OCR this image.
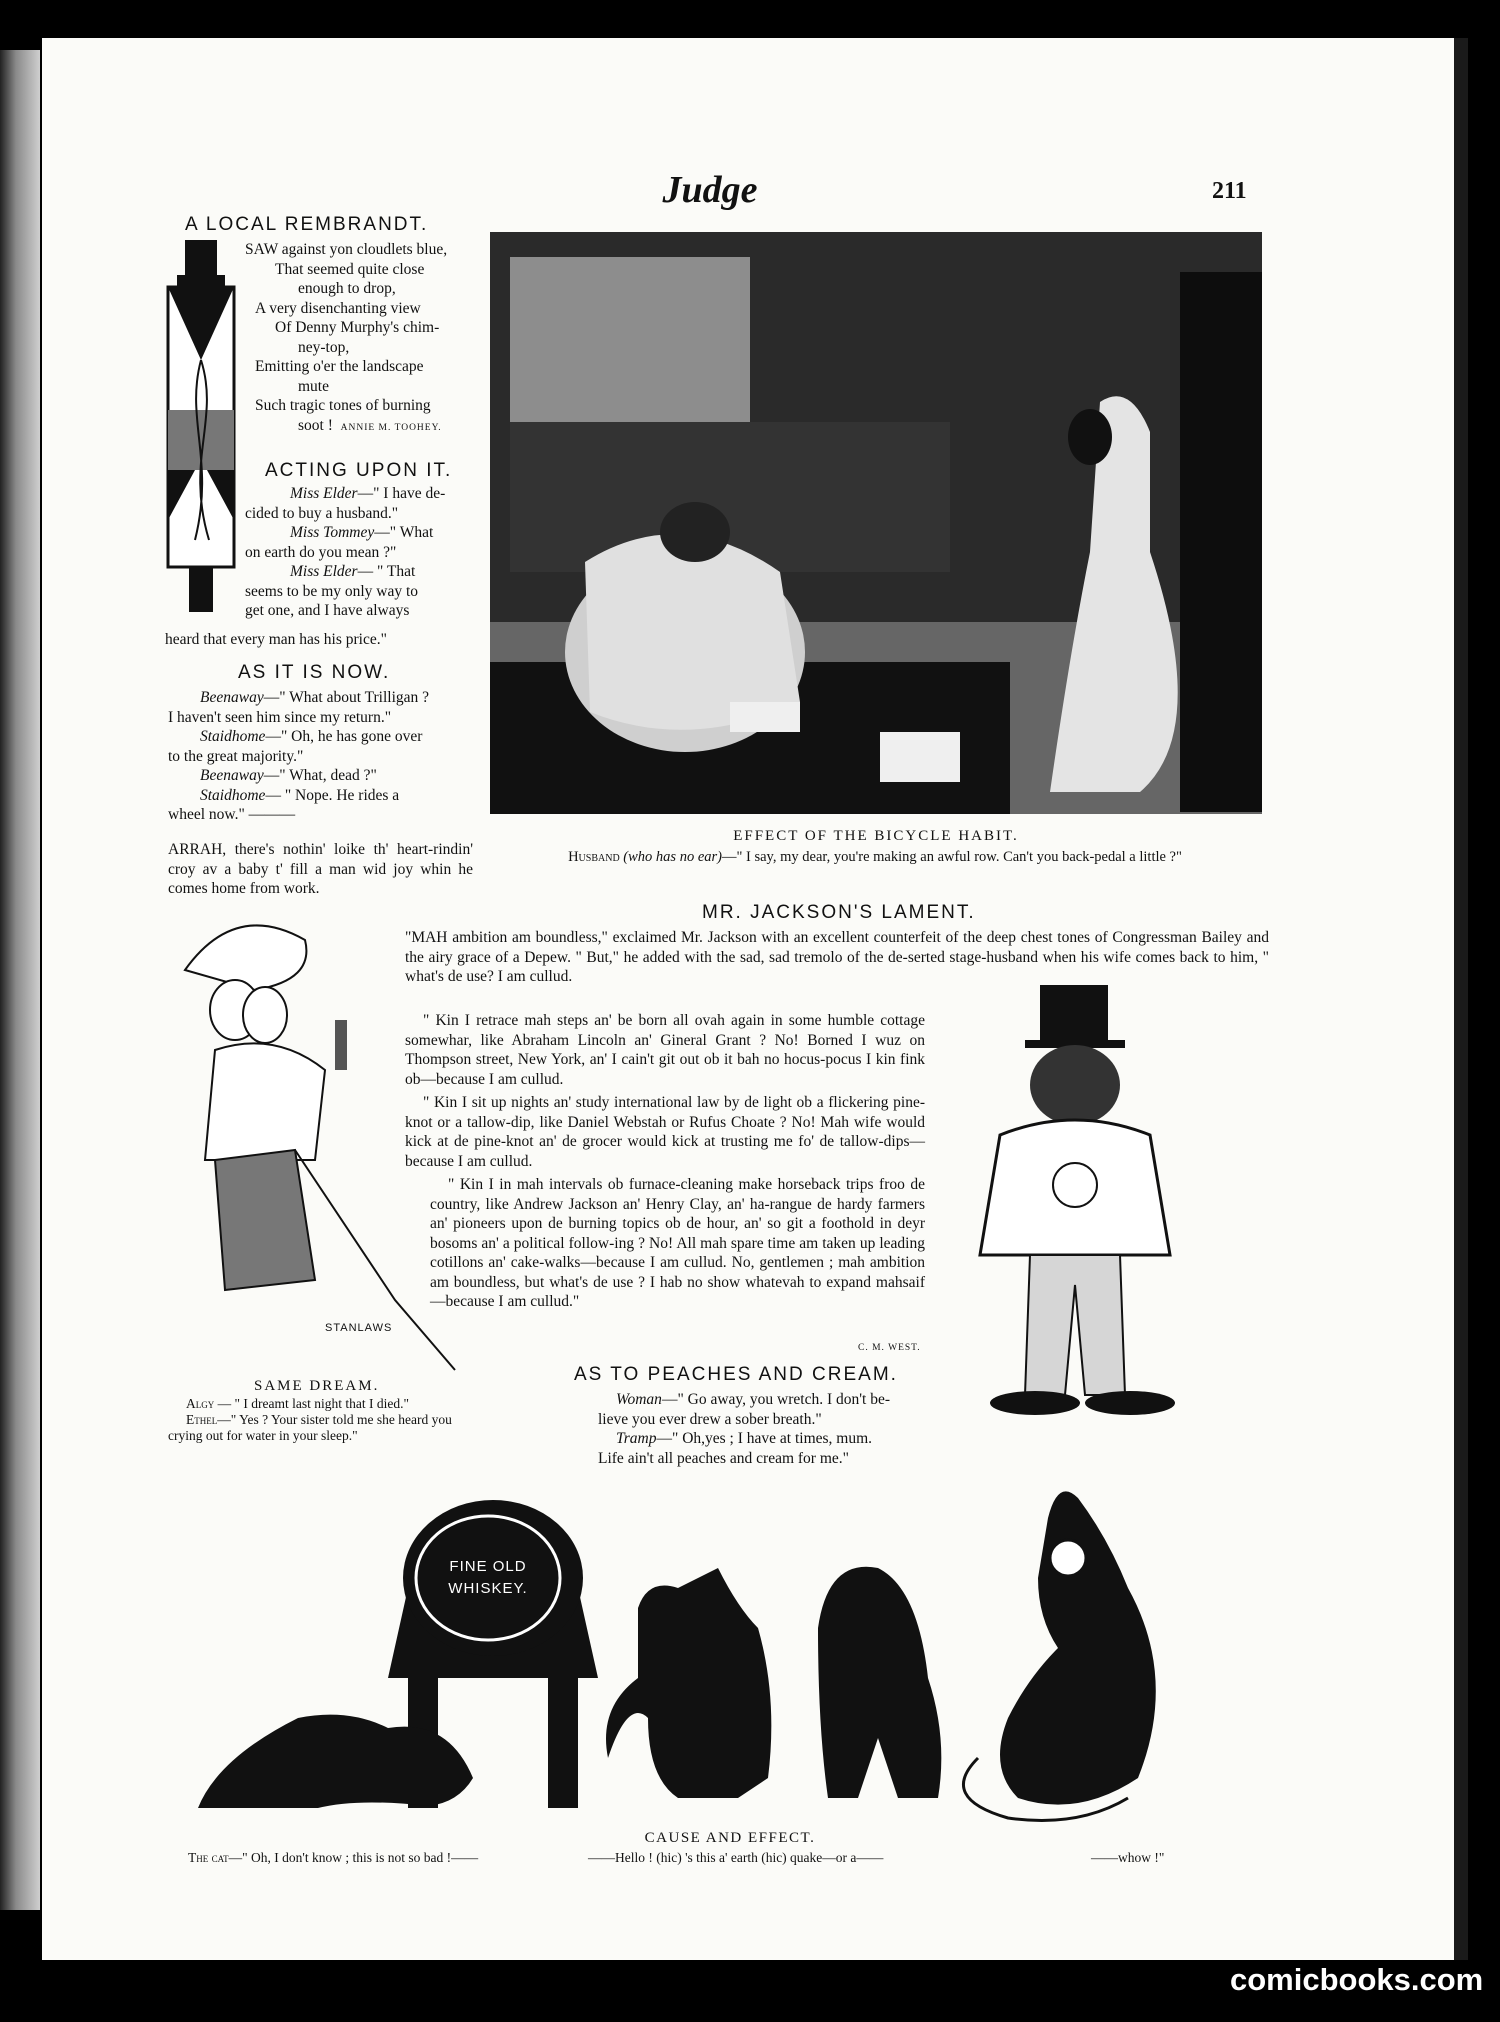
Judge	211
A LOCAL REMBRANDT.
SAW against yon cloudlets blue,
That seemed quite close
enough to drop,
A very disenchanting view
Of Denny Murphy's chim-
ney-top,
Emitting o'er the landscape
mute
Such tragic tones of burning
soot ! ANNIE M. TOOHEY.
ACTING UPON IT.
Miss Elder—" I have de-
cided to buy a husband."
Miss Tommey—" What
on earth do you mean ?"
Miss Elder— " That
seems to be my only way to
get one, and I have always
heard that every man has his price."
AS IT IS NOW.
Beenaway—" What about Trilligan ?
I haven't seen him since my return."
Staidhome—" Oh, he has gone over
to the great majority."
Beenaway—" What, dead ?"
Staidhome— " Nope. He rides a
wheel now." ———
ARRAH, there's nothin' loike th' heart-rindin' croy av a baby t' fill a man wid joy whin he comes home from work.
EFFECT OF THE BICYCLE HABIT.
Husband (who has no ear)—" I say, my dear, you're making an awful row. Can't you back-pedal a little ?"
MR. JACKSON'S LAMENT.
"MAH ambition am boundless," exclaimed Mr. Jackson with an excellent counterfeit of the deep chest tones of Congressman Bailey and the airy grace of a Depew. " But," he added with the sad, sad tremolo of the de-serted stage-husband when his wife comes back to him, " what's de use? I am cullud.
" Kin I retrace mah steps an' be born all ovah again in some humble cottage somewhar, like Abraham Lincoln an' Gineral Grant ? No! Borned I wuz on Thompson street, New York, an' I cain't git out ob it bah no hocus-pocus I kin fink ob—because I am cullud.
" Kin I sit up nights an' study international law by de light ob a flickering pine-knot or a tallow-dip, like Daniel Webstah or Rufus Choate ? No! Mah wife would kick at de pine-knot an' de grocer would kick at trusting me fo' de tallow-dips—because I am cullud.
" Kin I in mah intervals ob furnace-cleaning make horseback trips froo de country, like Andrew Jackson an' Henry Clay, an' ha-rangue de hardy farmers an' pioneers upon de burning topics ob de hour, an' so git a foothold in deyr bosoms an' a political follow-ing ? No! All mah spare time am taken up leading cotillons an' cake-walks—because I am cullud. No, gentlemen ; mah ambition am boundless, but what's de use ? I hab no show whatevah to expand mahsaif—because I am cullud."
C. M. WEST.
STANLAWS
SAME DREAM.

Algy — " I dreamt last night that I died."

Ethel—" Yes ? Your sister told me she heard you crying out for water in your sleep."

AS TO PEACHES AND CREAM.

Woman—" Go away, you wretch. I don't be-lieve you ever drew a sober breath."

Tramp—" Oh,yes ; I have at times, mum. Life ain't all peaches and cream for me."

FINE OLD
WHISKEY.
CAUSE AND EFFECT.
The cat—" Oh, I don't know ; this is not so bad !——	——Hello ! (hic) 's this a' earth (hic) quake—or a——	——whow !"
comicbooks.com
